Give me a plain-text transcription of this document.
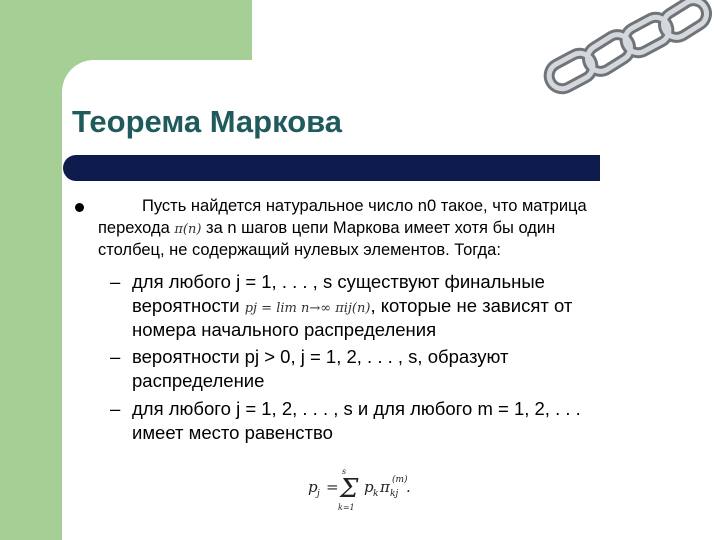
Теорема Маркова
Пусть найдется натуральное число n0 такое, что матрица
перехода π(n) за n шагов цепи Маркова имеет хотя бы один
столбец, не содержащий нулевых элементов. Тогда:
– для любого j = 1, . . . , s существуют финальные
вероятности pj = lim n→∞ πij(n), которые не зависят от
номера начального распределения
– вероятности pj > 0, j = 1, 2, . . . , s, образуют
распределение
– для любого j = 1, 2, . . . , s и для любого m = 1, 2, . . .
имеет место равенство
p j =
s
Σ
k=1
p k π kj
(m)
.
